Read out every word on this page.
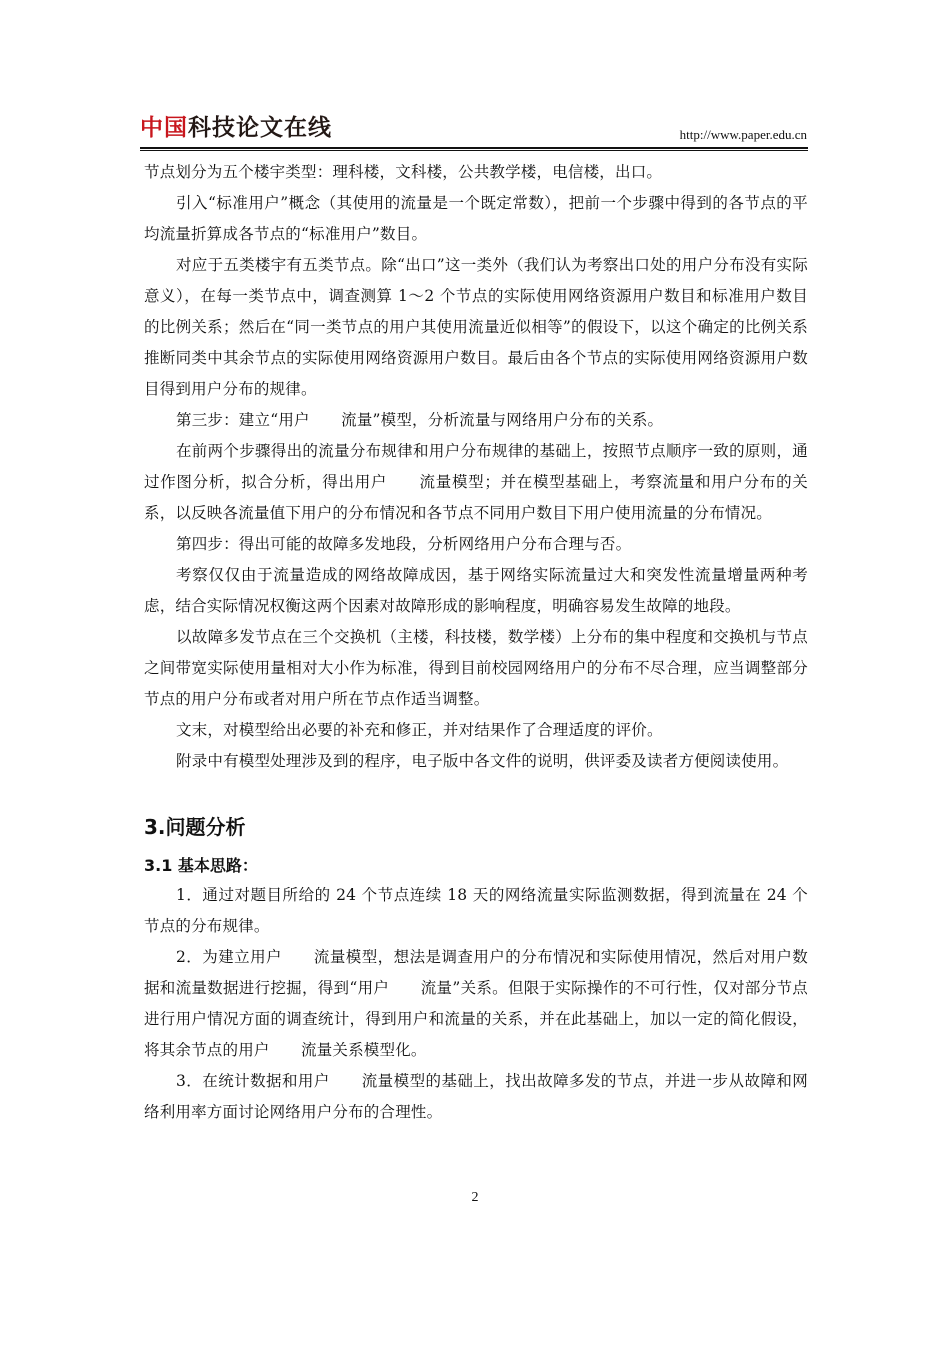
中国科技论文在线	http://www.paper.edu.cn

节点划分为五个楼宇类型：理科楼，文科楼，公共教学楼，电信楼，出口。

引入“标准用户”概念（其使用的流量是一个既定常数），把前一个步骤中得到的各节点的平均流量折算成各节点的“标准用户”数目。

对应于五类楼宇有五类节点。除“出口”这一类外（我们认为考察出口处的用户分布没有实际意义），在每一类节点中，调查测算 1～2 个节点的实际使用网络资源用户数目和标准用户数目的比例关系；然后在“同一类节点的用户其使用流量近似相等”的假设下，以这个确定的比例关系推断同类中其余节点的实际使用网络资源用户数目。最后由各个节点的实际使用网络资源用户数目得到用户分布的规律。

第三步：建立“用户　　流量”模型，分析流量与网络用户分布的关系。

在前两个步骤得出的流量分布规律和用户分布规律的基础上，按照节点顺序一致的原则，通过作图分析，拟合分析，得出用户　　流量模型；并在模型基础上，考察流量和用户分布的关系，以反映各流量值下用户的分布情况和各节点不同用户数目下用户使用流量的分布情况。

第四步：得出可能的故障多发地段，分析网络用户分布合理与否。

考察仅仅由于流量造成的网络故障成因，基于网络实际流量过大和突发性流量增量两种考虑，结合实际情况权衡这两个因素对故障形成的影响程度，明确容易发生故障的地段。

以故障多发节点在三个交换机（主楼，科技楼，数学楼）上分布的集中程度和交换机与节点之间带宽实际使用量相对大小作为标准，得到目前校园网络用户的分布不尽合理，应当调整部分节点的用户分布或者对用户所在节点作适当调整。

文末，对模型给出必要的补充和修正，并对结果作了合理适度的评价。

附录中有模型处理涉及到的程序，电子版中各文件的说明，供评委及读者方便阅读使用。

3.问题分析
3.1 基本思路：

1．通过对题目所给的 24 个节点连续 18 天的网络流量实际监测数据，得到流量在 24 个节点的分布规律。

2．为建立用户　　流量模型，想法是调查用户的分布情况和实际使用情况，然后对用户数据和流量数据进行挖掘，得到“用户　　流量”关系。但限于实际操作的不可行性，仅对部分节点进行用户情况方面的调查统计，得到用户和流量的关系，并在此基础上，加以一定的简化假设，将其余节点的用户　　流量关系模型化。

3．在统计数据和用户　　流量模型的基础上，找出故障多发的节点，并进一步从故障和网络利用率方面讨论网络用户分布的合理性。

2
